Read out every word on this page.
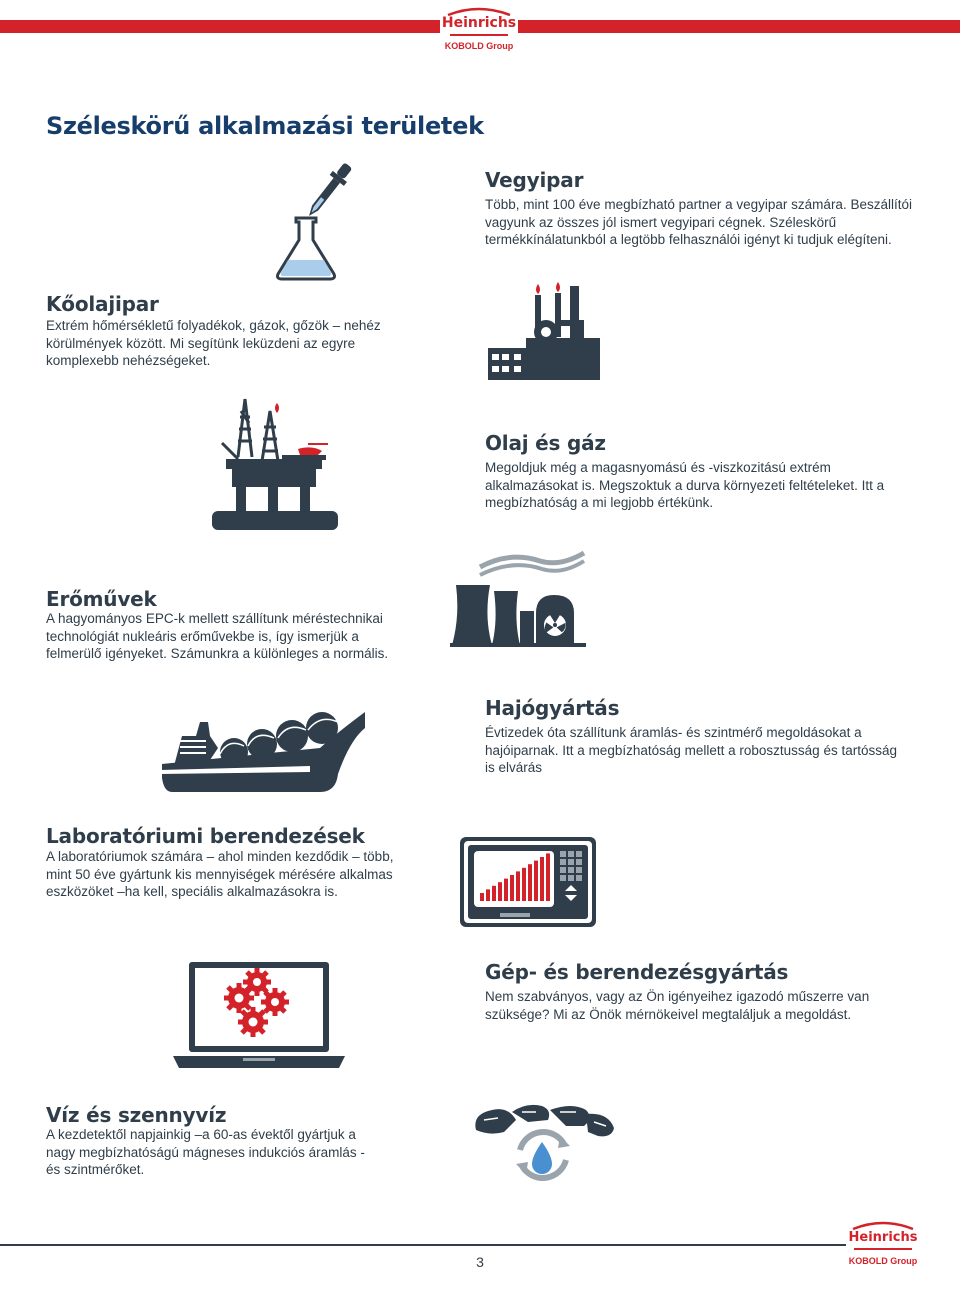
Heinrichs
KOBOLD Group
Széleskörű alkalmazási területek
Vegyipar

Több, mint 100 éve megbízható partner a vegyipar számára. Beszállítói vagyunk az összes jól ismert vegyipari cégnek. Széleskörű termékkínálatunkból a legtöbb felhasználói igényt ki tudjuk elégíteni.

Kőolajipar

Extrém hőmérsékletű folyadékok, gázok, gőzök – nehéz körülmények között. Mi segítünk leküzdeni az egyre komplexebb nehézségeket.

Olaj és gáz

Megoldjuk még a magasnyomású és -viszkozitású extrém alkalmazásokat is. Megszoktuk a durva környezeti feltételeket. Itt a megbízhatóság a mi legjobb értékünk.

Erőművek

A hagyományos EPC-k mellett szállítunk méréstechnikai technológiát nukleáris erőművekbe is, így ismerjük a felmerülő igényeket. Számunkra a különleges a normális.

Hajógyártás

Évtizedek óta szállítunk áramlás- és szintmérő megoldásokat a hajóiparnak. Itt a megbízhatóság mellett a robosztusság és tartósság is elvárás

Laboratóriumi berendezések

A laboratóriumok számára – ahol minden kezdődik – több, mint 50 éve gyártunk kis mennyiségek mérésére alkalmas eszközöket –ha kell, speciális alkalmazásokra is.

Gép- és berendezésgyártás

Nem szabványos, vagy az Ön igényeihez igazodó műszerre van szüksége? Mi az Önök mérnökeivel megtaláljuk a megoldást.

Víz és szennyvíz

A kezdetektől napjainkig –a 60-as évektől gyártjuk a nagy megbízhatóságú mágneses indukciós áramlás - és szintmérőket.

3
Heinrichs
KOBOLD Group
